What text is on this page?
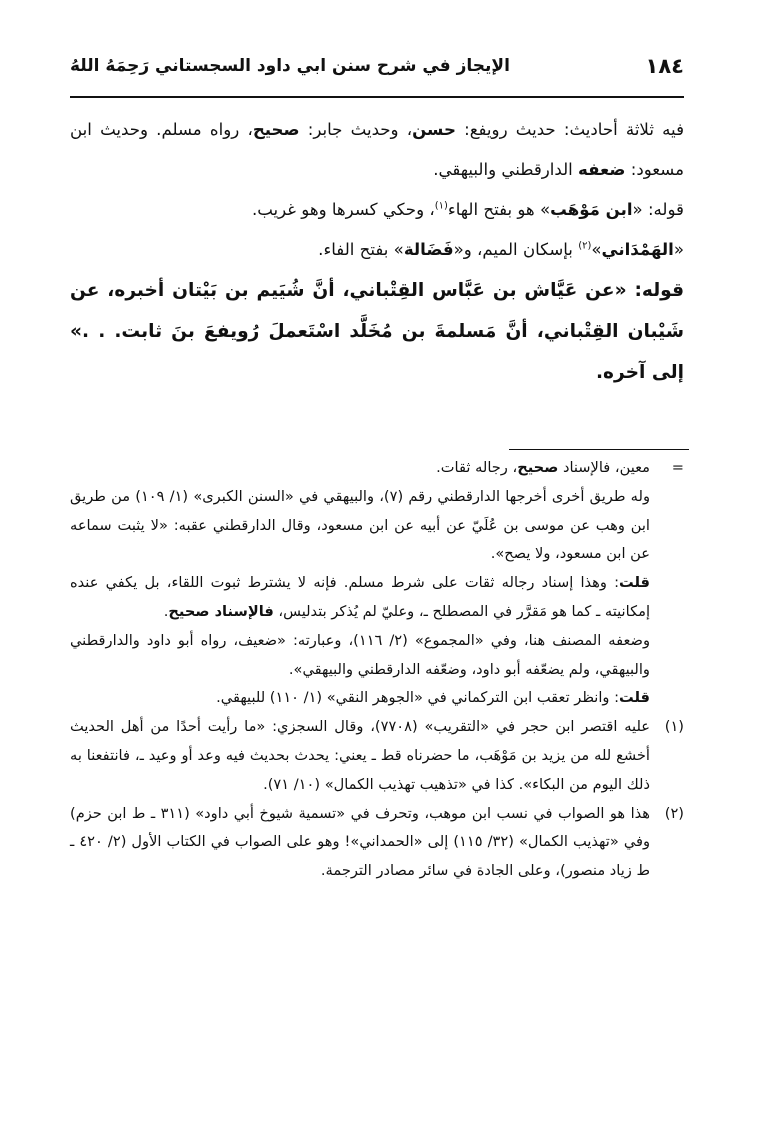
١٨٤
الإيجاز في شرح سنن ابي داود السجستاني رَحِمَهُ اللهُ

فيه ثلاثة أحاديث: حديث رويفع: حسن، وحديث جابر: صحيح، رواه مسلم. وحديث ابن مسعود: ضعفه الدارقطني والبيهقي.

قوله: «ابن مَوْهَب» هو بفتح الهاء$^{(١)}$، وحكي كسرها وهو غريب.

«الهَمْدَاني»$^{(٢)}$ بإسكان الميم، و«فَضَالة» بفتح الفاء.

قوله: «عن عَيَّاش بن عَبَّاس القِتْباني، أنَّ شُيَيم بن بَيْتان أخبره، عن شَيْبان القِتْباني، أنَّ مَسلمةَ بن مُخَلَّد اسْتَعملَ رُويفعَ بنَ ثابت. . .» إلى آخره.

=معين، فالإسناد صحيح، رجاله ثقات.

وله طريق أخرى أخرجها الدارقطني رقم (٧)، والبيهقي في «السنن الكبرى» (١/ ١٠٩) من طريق ابن وهب عن موسى بن عُلَيّ عن أبيه عن ابن مسعود، وقال الدارقطني عقبه: «لا يثبت سماعه عن ابن مسعود، ولا يصح».

قلت: وهذا إسناد رجاله ثقات على شرط مسلم. فإنه لا يشترط ثبوت اللقاء، بل يكفي عنده إمكانيته ـ كما هو مَقرَّر في المصطلح ـ، وعليّ لم يُذكر بتدليس، فالإسناد صحيح.

وضعفه المصنف هنا، وفي «المجموع» (٢/ ١١٦)، وعبارته: «ضعيف، رواه أبو داود والدارقطني والبيهقي، ولم يضعّفه أبو داود، وضعّفه الدارقطني والبيهقي».

قلت: وانظر تعقب ابن التركماني في «الجوهر النقي» (١/ ١١٠) للبيهقي.

(١)

عليه اقتصر ابن حجر في «التقريب» (٧٧٠٨)، وقال السجزي: «ما رأيت أحدًا من أهل الحديث أخشع لله من يزيد بن مَوْهَب، ما حضرناه قط ـ يعني: يحدث بحديث فيه وعد أو وعيد ـ، فانتفعنا به ذلك اليوم من البكاء». كذا في «تذهيب تهذيب الكمال» (١٠/ ٧١).

(٢)

هذا هو الصواب في نسب ابن موهب، وتحرف في «تسمية شيوخ أبي داود» (٣١١ ـ ط ابن حزم) وفي «تهذيب الكمال» (٣٢/ ١١٥) إلى «الحمداني»! وهو على الصواب في الكتاب الأول (٢/ ٤٢٠ ـ ط زياد منصور)، وعلى الجادة في سائر مصادر الترجمة.
